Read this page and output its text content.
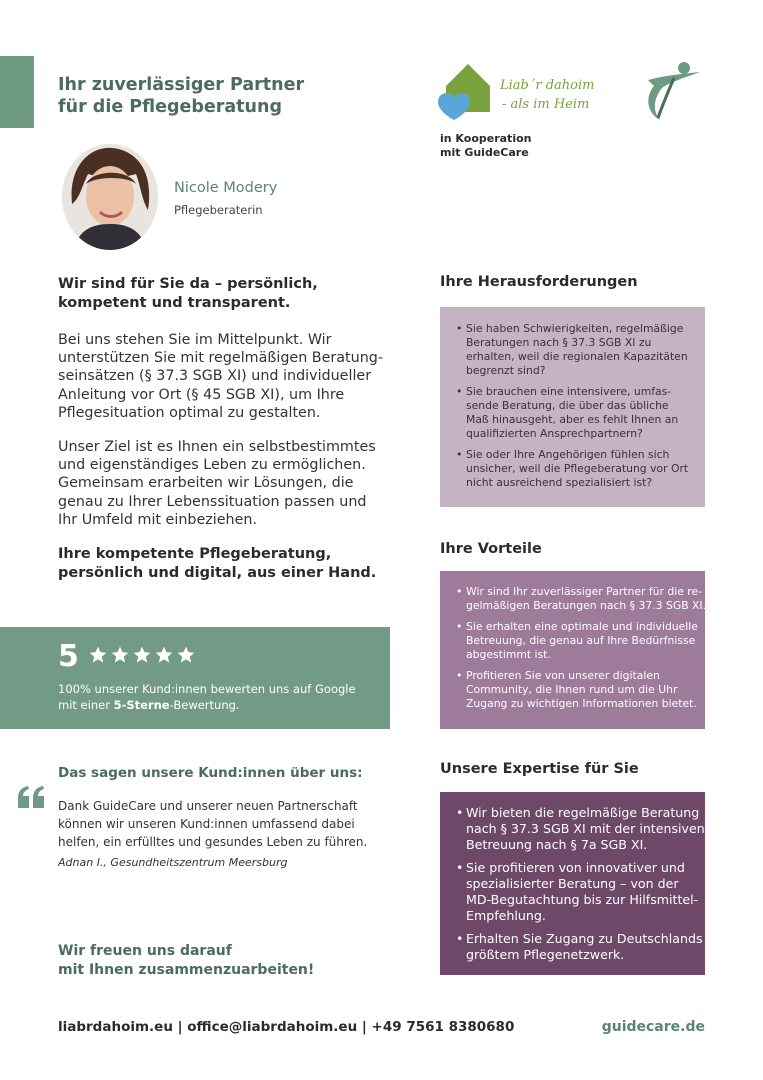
Ihr zuverlässiger Partner
für die Pflegeberatung
Liab´r dahoim
- als im Heim
in Kooperation
mit GuideCare
Nicole Modery
Pflegeberaterin
Wir sind für Sie da – persönlich,
kompetent und transparent.

Bei uns stehen Sie im Mittelpunkt. Wir
unterstützen Sie mit regelmäßigen Beratung-
seinsätzen (§ 37.3 SGB XI) und individueller
Anleitung vor Ort (§ 45 SGB XI), um Ihre
Pflegesituation optimal zu gestalten.

Unser Ziel ist es Ihnen ein selbstbestimmtes
und eigenständiges Leben zu ermöglichen.
Gemeinsam erarbeiten wir Lösungen, die
genau zu Ihrer Lebenssituation passen und
Ihr Umfeld mit einbeziehen.

Ihre kompetente Pflegeberatung,
persönlich und digital, aus einer Hand.
5
100% unserer Kund:innen bewerten uns auf Google
mit einer 5-Sterne-Bewertung.
Das sagen unsere Kund:innen über uns:

Dank GuideCare und unserer neuen Partnerschaft
können wir unseren Kund:innen umfassend dabei
helfen, ein erfülltes und gesundes Leben zu führen.

Adnan I., Gesundheitszentrum Meersburg
Wir freuen uns darauf
mit Ihnen zusammenzuarbeiten!
liabrdahoim.eu | office@liabrdahoim.eu | +49 7561 8380680	guidecare.de
Ihre Herausforderungen
• Sie haben Schwierigkeiten, regelmäßige
Beratungen nach § 37.3 SGB XI zu
erhalten, weil die regionalen Kapazitäten
begrenzt sind?
• Sie brauchen eine intensivere, umfas-
sende Beratung, die über das übliche
Maß hinausgeht, aber es fehlt Ihnen an
qualifizierten Ansprechpartnern?
• Sie oder Ihre Angehörigen fühlen sich
unsicher, weil die Pflegeberatung vor Ort
nicht ausreichend spezialisiert ist?
Ihre Vorteile
• Wir sind Ihr zuverlässiger Partner für die re-
gelmäßigen Beratungen nach § 37.3 SGB XI.
• Sie erhalten eine optimale und individuelle
Betreuung, die genau auf Ihre Bedürfnisse
abgestimmt ist.
• Profitieren Sie von unserer digitalen
Community, die Ihnen rund um die Uhr
Zugang zu wichtigen Informationen bietet.
Unsere Expertise für Sie
• Wir bieten die regelmäßige Beratung
nach § 37.3 SGB XI mit der intensiven
Betreuung nach § 7a SGB XI.
• Sie profitieren von innovativer und
spezialisierter Beratung – von der
MD-Begutachtung bis zur Hilfsmittel-
Empfehlung.
• Erhalten Sie Zugang zu Deutschlands
größtem Pflegenetzwerk.
